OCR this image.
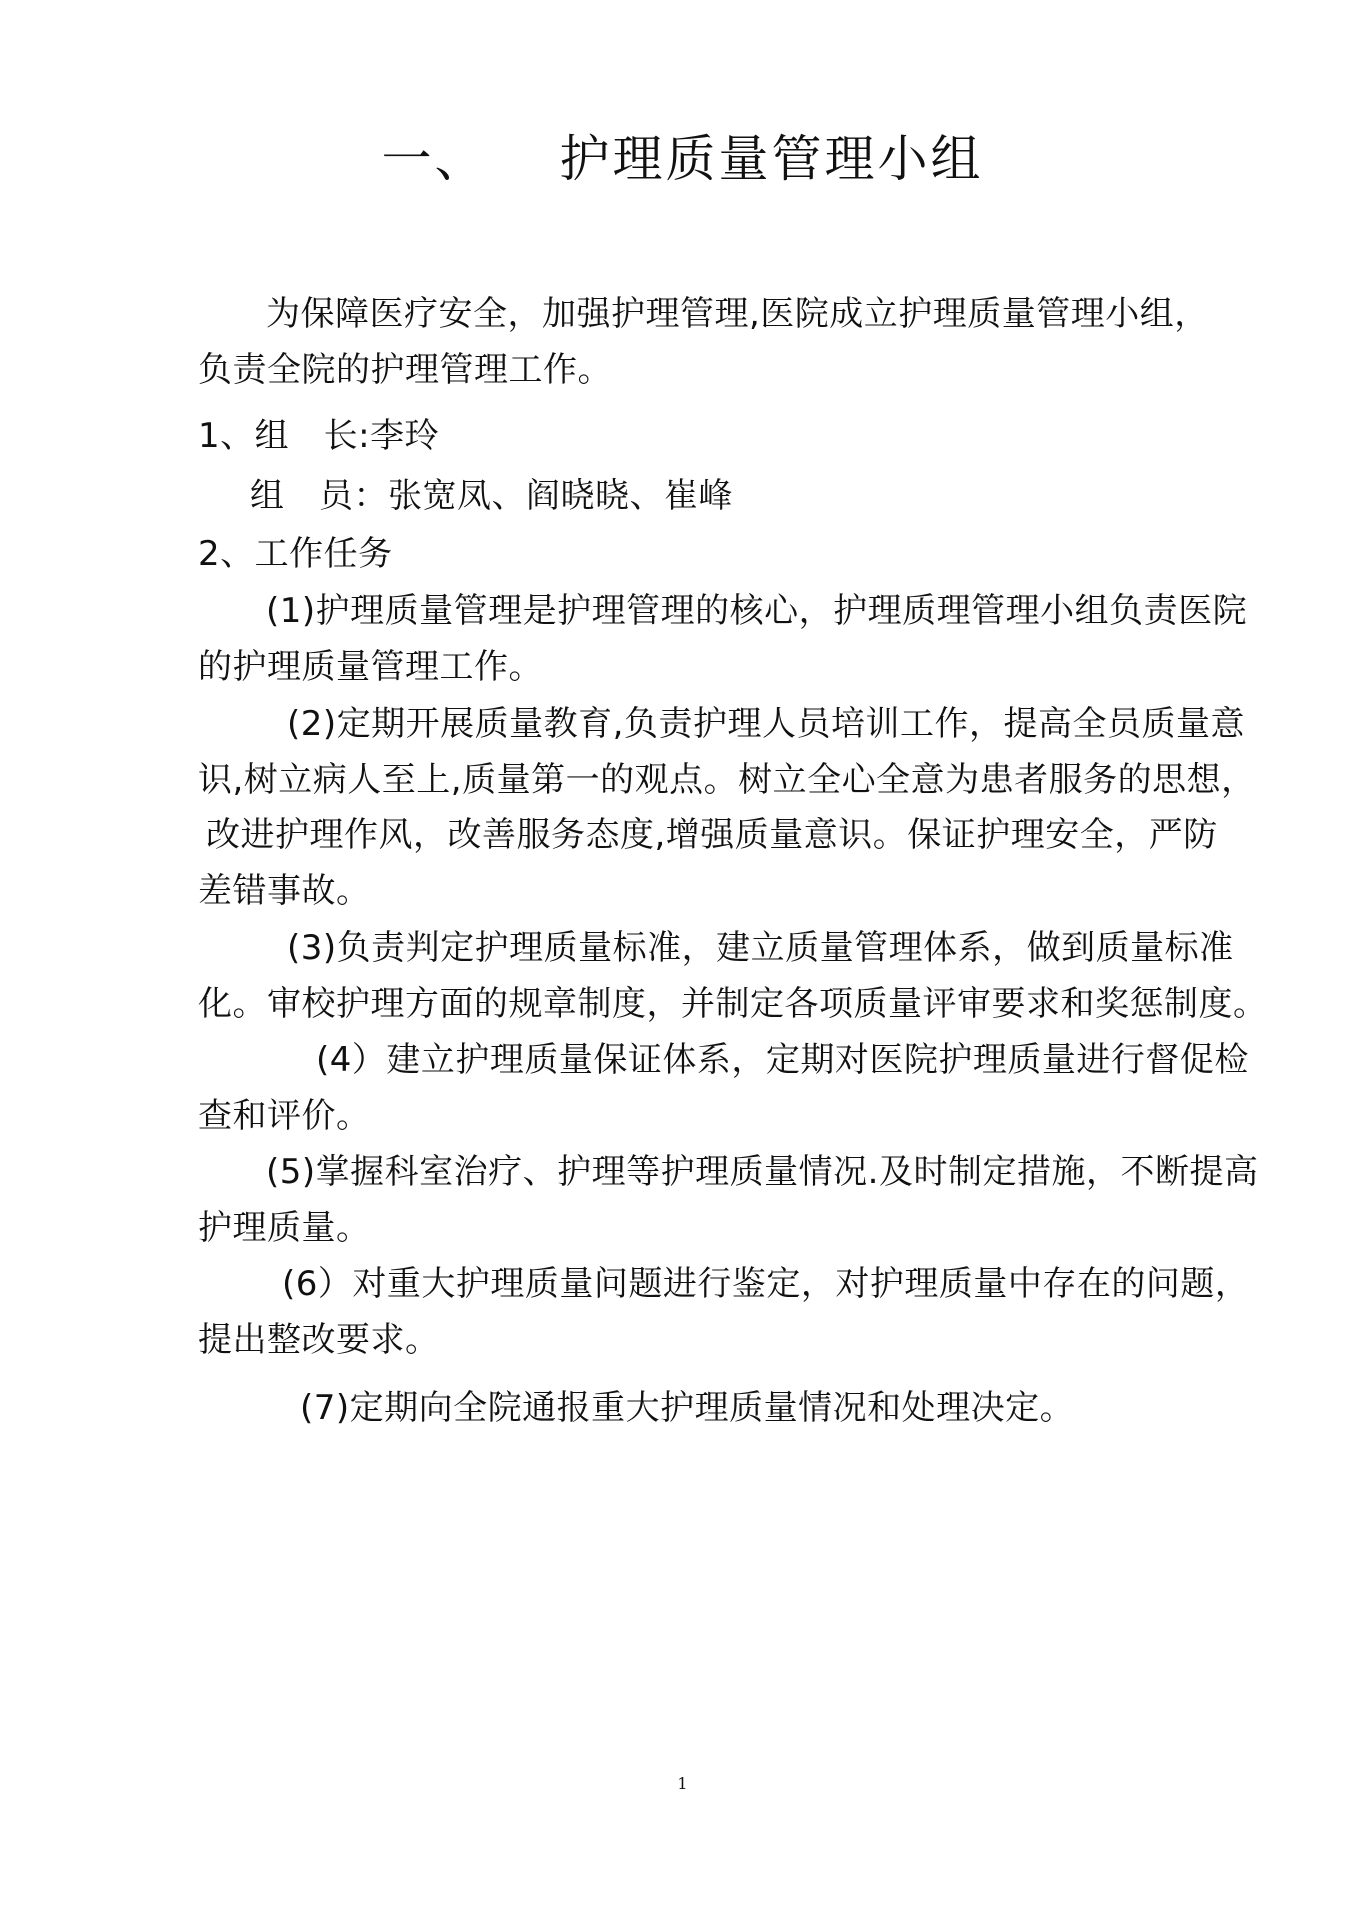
一、 护理质量管理小组
为保障医疗安全，加强护理管理,医院成立护理质量管理小组，
负责全院的护理管理工作。
1、组　长:李玲
组　员：张宽凤、阎晓晓、崔峰
2、工作任务
(1)护理质量管理是护理管理的核心，护理质理管理小组负责医院
的护理质量管理工作。
(2)定期开展质量教育,负责护理人员培训工作，提高全员质量意
识,树立病人至上,质量第一的观点。树立全心全意为患者服务的思想，
改进护理作风，改善服务态度,增强质量意识。保证护理安全，严防
差错事故。
(3)负责判定护理质量标准，建立质量管理体系，做到质量标准
化。审校护理方面的规章制度，并制定各项质量评审要求和奖惩制度。
(4）建立护理质量保证体系，定期对医院护理质量进行督促检
查和评价。
(5)掌握科室治疗、护理等护理质量情况.及时制定措施，不断提高
护理质量。
(6）对重大护理质量问题进行鉴定，对护理质量中存在的问题，
提出整改要求。
(7)定期向全院通报重大护理质量情况和处理决定。
1
